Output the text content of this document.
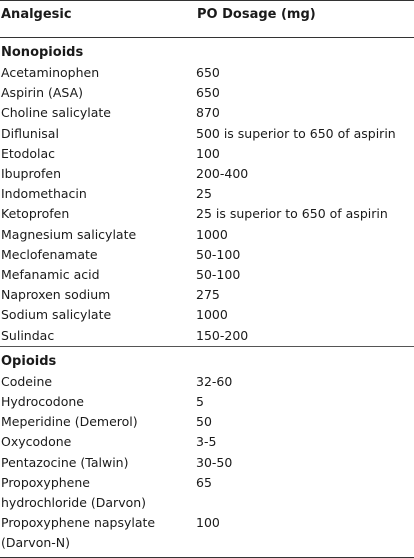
Analgesic	PO Dosage (mg)
Nonopioids	
Acetaminophen	650
Aspirin (ASA)	650
Choline salicylate	870
Diflunisal	500 is superior to 650 of aspirin
Etodolac	100
Ibuprofen	200-400
Indomethacin	25
Ketoprofen	25 is superior to 650 of aspirin
Magnesium salicylate	1000
Meclofenamate	50-100
Mefanamic acid	50-100
Naproxen sodium	275
Sodium salicylate	1000
Sulindac	150-200
Opioids	
Codeine	32-60
Hydrocodone	5
Meperidine (Demerol)	50
Oxycodone	3-5
Pentazocine (Talwin)	30-50
Propoxyphene	65
hydrochloride (Darvon)	
Propoxyphene napsylate	100
(Darvon-N)	
